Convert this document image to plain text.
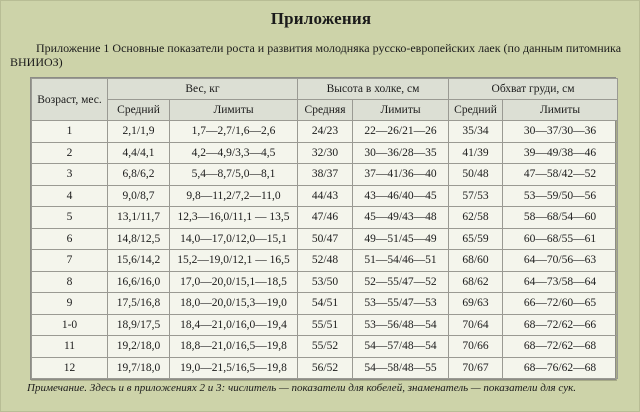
Приложения
Приложение 1 Основные показатели роста и развития молодняка русско-европейских лаек (по данным питомника ВНИИОЗ)
Возраст, мес.	Вес, кг		Высота в холке, см		Обхват груди, см	
	Средний	Лимиты	Средняя	Лимиты	Средний	Лимиты
1	2,1/1,9	1,7—2,7/1,6—2,6	24/23	22—26/21—26	35/34	30—37/30—36
2	4,4/4,1	4,2—4,9/3,3—4,5	32/30	30—36/28—35	41/39	39—49/38—46
3	6,8/6,2	5,4—8,7/5,0—8,1	38/37	37—41/36—40	50/48	47—58/42—52
4	9,0/8,7	9,8—11,2/7,2—11,0	44/43	43—46/40—45	57/53	53—59/50—56
5	13,1/11,7	12,3—16,0/11,1 — 13,5	47/46	45—49/43—48	62/58	58—68/54—60
6	14,8/12,5	14,0—17,0/12,0—15,1	50/47	49—51/45—49	65/59	60—68/55—61
7	15,6/14,2	15,2—19,0/12,1 — 16,5	52/48	51—54/46—51	68/60	64—70/56—63
8	16,6/16,0	17,0—20,0/15,1—18,5	53/50	52—55/47—52	68/62	64—73/58—64
9	17,5/16,8	18,0—20,0/15,3—19,0	54/51	53—55/47—53	69/63	66—72/60—65
1-0	18,9/17,5	18,4—21,0/16,0—19,4	55/51	53—56/48—54	70/64	68—72/62—66
11	19,2/18,0	18,8—21,0/16,5—19,8	55/52	54—57/48—54	70/66	68—72/62—68
12	19,7/18,0	19,0—21,5/16,5—19,8	56/52	54—58/48—55	70/67	68—76/62—68
Примечание. Здесь и в приложениях 2 и 3: числитель — показатели для кобелей, знаменатель — показатели для сук.
